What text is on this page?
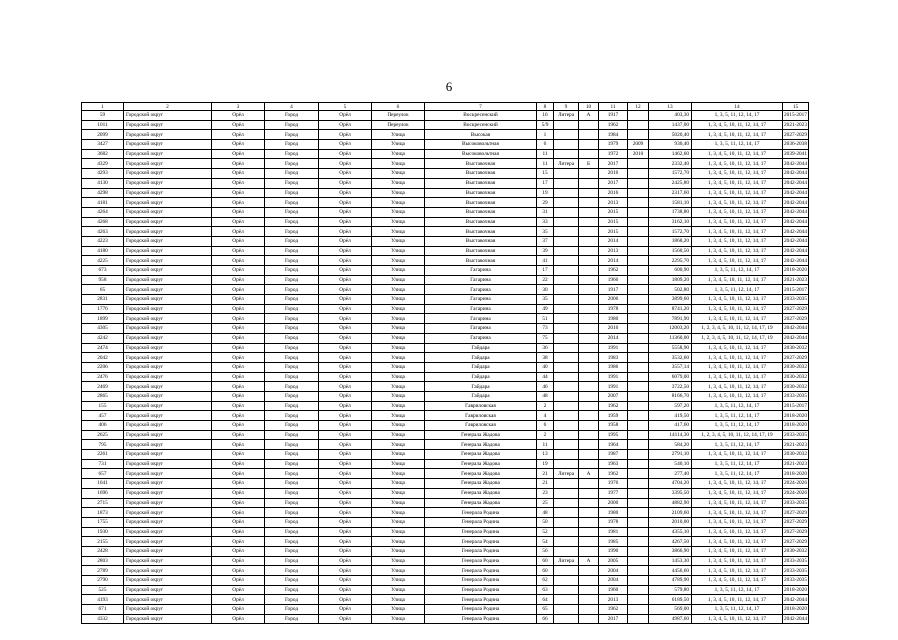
6
1	2	3	4	5	6	7	8	9	10	11	12	13	14	15
59	Городской округ	Орёл	Город	Орёл	Переулок	Воскресенский	16	Литера	А	1917		403,30	1, 3, 5, 11, 12, 14, 17	2015-2017
1011	Городской округ	Орёл	Город	Орёл	Переулок	Воскресенский	5/9			1962		1437,00	1, 3, 4, 5, 10, 11, 12, 14, 17	2021-2023
2099	Городской округ	Орёл	Город	Орёл	Улица	Высокая	1			1984		5020,40	1, 3, 4, 5, 10, 11, 12, 14, 17	2027-2029
3427	Городской округ	Орёл	Город	Орёл	Улица	Высоковольтная	6			1979	2009	930,40	1, 3, 5, 11, 12, 14, 17	2036-2038
3682	Городской округ	Орёл	Город	Орёл	Улица	Высоковольтная	11			1972	2010	1462,60	1, 3, 4, 5, 10, 11, 12, 14, 17	2039-2041
4329	Городской округ	Орёл	Город	Орёл	Улица	Выставочная	11	Литера	Б	2017		2332,40	1, 3, 4, 5, 10, 11, 12, 14, 17	2042-2044
4293	Городской округ	Орёл	Город	Орёл	Улица	Выставочная	15			2016		1572,70	1, 3, 4, 5, 10, 11, 12, 14, 17	2042-2044
4130	Городской округ	Орёл	Город	Орёл	Улица	Выставочная	17			2017		2425,80	1, 3, 4, 5, 10, 11, 12, 14, 17	2042-2044
4298	Городской округ	Орёл	Город	Орёл	Улица	Выставочная	19			2016		2317,60	1, 3, 4, 5, 10, 11, 12, 14, 17	2042-2044
4181	Городской округ	Орёл	Город	Орёл	Улица	Выставочная	29			2013		1581,10	1, 3, 4, 5, 10, 11, 12, 14, 17	2042-2044
4264	Городской округ	Орёл	Город	Орёл	Улица	Выставочная	31			2015		1738,80	1, 3, 4, 5, 10, 11, 12, 14, 17	2042-2044
4268	Городской округ	Орёл	Город	Орёл	Улица	Выставочная	33			2015		3162,10	1, 3, 4, 5, 10, 11, 12, 14, 17	2042-2044
4263	Городской округ	Орёл	Город	Орёл	Улица	Выставочная	35			2015		1572,70	1, 3, 4, 5, 10, 11, 12, 14, 17	2042-2044
4223	Городской округ	Орёл	Город	Орёл	Улица	Выставочная	37			2014		1868,20	1, 3, 4, 5, 10, 11, 12, 14, 17	2042-2044
4180	Городской округ	Орёл	Город	Орёл	Улица	Выставочная	39			2013		1560,50	1, 3, 4, 5, 10, 11, 12, 14, 17	2042-2044
4225	Городской округ	Орёл	Город	Орёл	Улица	Выставочная	41			2014		2295,70	1, 3, 4, 5, 10, 11, 12, 14, 17	2042-2044
673	Городской округ	Орёл	Город	Орёл	Улица	Гагарина	17			1962		600,90	1, 3, 5, 11, 12, 14, 17	2018-2020
958	Городской округ	Орёл	Город	Орёл	Улица	Гагарина	22			1966		1809,20	1, 3, 4, 5, 10, 11, 12, 14, 17	2021-2023
65	Городской округ	Орёл	Город	Орёл	Улица	Гагарина	30			1917		502,80	1, 3, 5, 11, 12, 14, 17	2015-2017
2831	Городской округ	Орёл	Город	Орёл	Улица	Гагарина	35			2006		3899,60	1, 3, 4, 5, 10, 11, 12, 14, 17	2033-2035
1776	Городской округ	Орёл	Город	Орёл	Улица	Гагарина	49			1978		8741,20	1, 3, 4, 5, 10, 11, 12, 14, 17	2027-2029
1899	Городской округ	Орёл	Город	Орёл	Улица	Гагарина	51			1980		7891,90	1, 3, 4, 5, 10, 11, 12, 14, 17	2027-2029
4305	Городской округ	Орёл	Город	Орёл	Улица	Гагарина	73			2016		12003,20	1, 2, 3, 4, 5, 10, 11, 12, 14, 17, 19	2042-2044
4242	Городской округ	Орёл	Город	Орёл	Улица	Гагарина	75			2014		11360,00	1, 2, 3, 4, 5, 10, 11, 12, 14, 17, 19	2042-2044
2474	Городской округ	Орёл	Город	Орёл	Улица	Гайдара	36			1991		5558,90	1, 3, 4, 5, 10, 11, 12, 14, 17	2030-2032
2042	Городской округ	Орёл	Город	Орёл	Улица	Гайдара	38			1983		3532,60	1, 3, 4, 5, 10, 11, 12, 14, 17	2027-2029
2206	Городской округ	Орёл	Город	Орёл	Улица	Гайдара	40			1986		3557,14	1, 3, 4, 5, 10, 11, 12, 14, 17	2030-2032
2476	Городской округ	Орёл	Город	Орёл	Улица	Гайдара	44			1991		6079,00	1, 3, 4, 5, 10, 11, 12, 14, 17	2030-2032
2469	Городской округ	Орёл	Город	Орёл	Улица	Гайдара	46			1991		3722,50	1, 3, 4, 5, 10, 11, 12, 14, 17	2030-2032
2865	Городской округ	Орёл	Город	Орёл	Улица	Гайдара	48			2007		8166,70	1, 3, 4, 5, 10, 11, 12, 14, 17	2033-2035
155	Городской округ	Орёл	Город	Орёл	Улица	Гавриловская	2			1962		597,20	1, 3, 5, 11, 12, 14, 17	2015-2017
457	Городской округ	Орёл	Город	Орёл	Улица	Гавриловская	4			1959		419,50	1, 3, 5, 11, 12, 14, 17	2018-2020
406	Городской округ	Орёл	Город	Орёл	Улица	Гавриловская	6			1958		417,60	1, 3, 5, 11, 12, 14, 17	2018-2020
2625	Городской округ	Орёл	Город	Орёл	Улица	Генерала Жадова	2			1995		14114,30	1, 2, 3, 4, 5, 10, 11, 12, 14, 17, 19	2033-2035
795	Городской округ	Орёл	Город	Орёл	Улица	Генерала Жадова	11			1964		584,20	1, 3, 5, 11, 12, 14, 17	2021-2023
2261	Городской округ	Орёл	Город	Орёл	Улица	Генерала Жадова	13			1987		2791,10	1, 3, 4, 5, 10, 11, 12, 14, 17	2030-2032
731	Городской округ	Орёл	Город	Орёл	Улица	Генерала Жадова	19			1963		540,10	1, 3, 5, 11, 12, 14, 17	2021-2023
657	Городской округ	Орёл	Город	Орёл	Улица	Генерала Жадова	21	Литера	А	1962		277,40	1, 3, 5, 11, 12, 14, 17	2018-2020
1641	Городской округ	Орёл	Город	Орёл	Улица	Генерала Жадова	21			1976		4704,20	1, 3, 4, 5, 10, 11, 12, 14, 17	2024-2026
1696	Городской округ	Орёл	Город	Орёл	Улица	Генерала Жадова	23			1977		3395,50	1, 3, 4, 5, 10, 11, 12, 14, 17	2024-2026
2715	Городской округ	Орёл	Город	Орёл	Улица	Генерала Жадова	25			2000		4882,90	1, 3, 4, 5, 10, 11, 12, 14, 17	2033-2035
1873	Городской округ	Орёл	Город	Орёл	Улица	Генерала Родина	48			1980		2109,60	1, 3, 4, 5, 10, 11, 12, 14, 17	2027-2029
1755	Городской округ	Орёл	Город	Орёл	Улица	Генерала Родина	50			1978		2010,00	1, 3, 4, 5, 10, 11, 12, 14, 17	2027-2029
1930	Городской округ	Орёл	Город	Орёл	Улица	Генерала Родина	52			1981		4355,10	1, 3, 4, 5, 10, 11, 12, 14, 17	2027-2029
2155	Городской округ	Орёл	Город	Орёл	Улица	Генерала Родина	54			1985		4267,50	1, 3, 4, 5, 10, 11, 12, 14, 17	2027-2029
2428	Городской округ	Орёл	Город	Орёл	Улица	Генерала Родина	56			1990		3866,90	1, 3, 4, 5, 10, 11, 12, 14, 17	2030-2032
2803	Городской округ	Орёл	Город	Орёл	Улица	Генерала Родина	60	Литера	А	2005		1453,30	1, 3, 4, 5, 10, 11, 12, 14, 17	2033-2035
2789	Городской округ	Орёл	Город	Орёл	Улица	Генерала Родина	60			2004		4456,60	1, 3, 4, 5, 10, 11, 12, 14, 17	2033-2035
2790	Городской округ	Орёл	Город	Орёл	Улица	Генерала Родина	62			2004		4789,90	1, 3, 4, 5, 10, 11, 12, 14, 17	2033-2035
525	Городской округ	Орёл	Город	Орёл	Улица	Генерала Родина	63			1960		579,80	1, 3, 5, 11, 12, 14, 17	2018-2020
4193	Городской округ	Орёл	Город	Орёл	Улица	Генерала Родина	64			2013		6189,50	1, 3, 4, 5, 10, 11, 12, 14, 17	2042-2044
671	Городской округ	Орёл	Город	Орёл	Улица	Генерала Родина	65			1962		569,00	1, 3, 5, 11, 12, 14, 17	2018-2020
4332	Городской округ	Орёл	Город	Орёл	Улица	Генерала Родина	66			2017		4987,60	1, 3, 4, 5, 10, 11, 12, 14, 17	2042-2044
